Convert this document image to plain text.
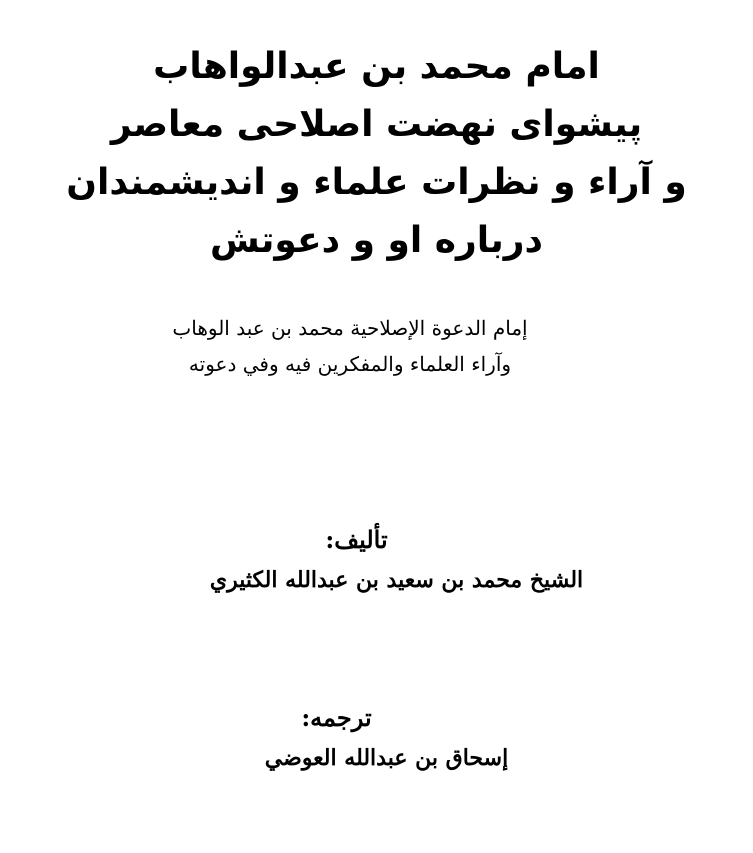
امام محمد بن عبدالواهاب
پيشواى نهضت اصلاحى معاصر
و آراء و نظرات علماء و انديشمندان
درباره او و دعوتش
إمام الدعوة الإصلاحية محمد بن عبد الوهاب
وآراء العلماء والمفكرين فيه وفي دعوته
تأليف:
الشيخ محمد بن سعيد بن عبدالله الكثيري
ترجمه:
إسحاق بن عبدالله العوضي
